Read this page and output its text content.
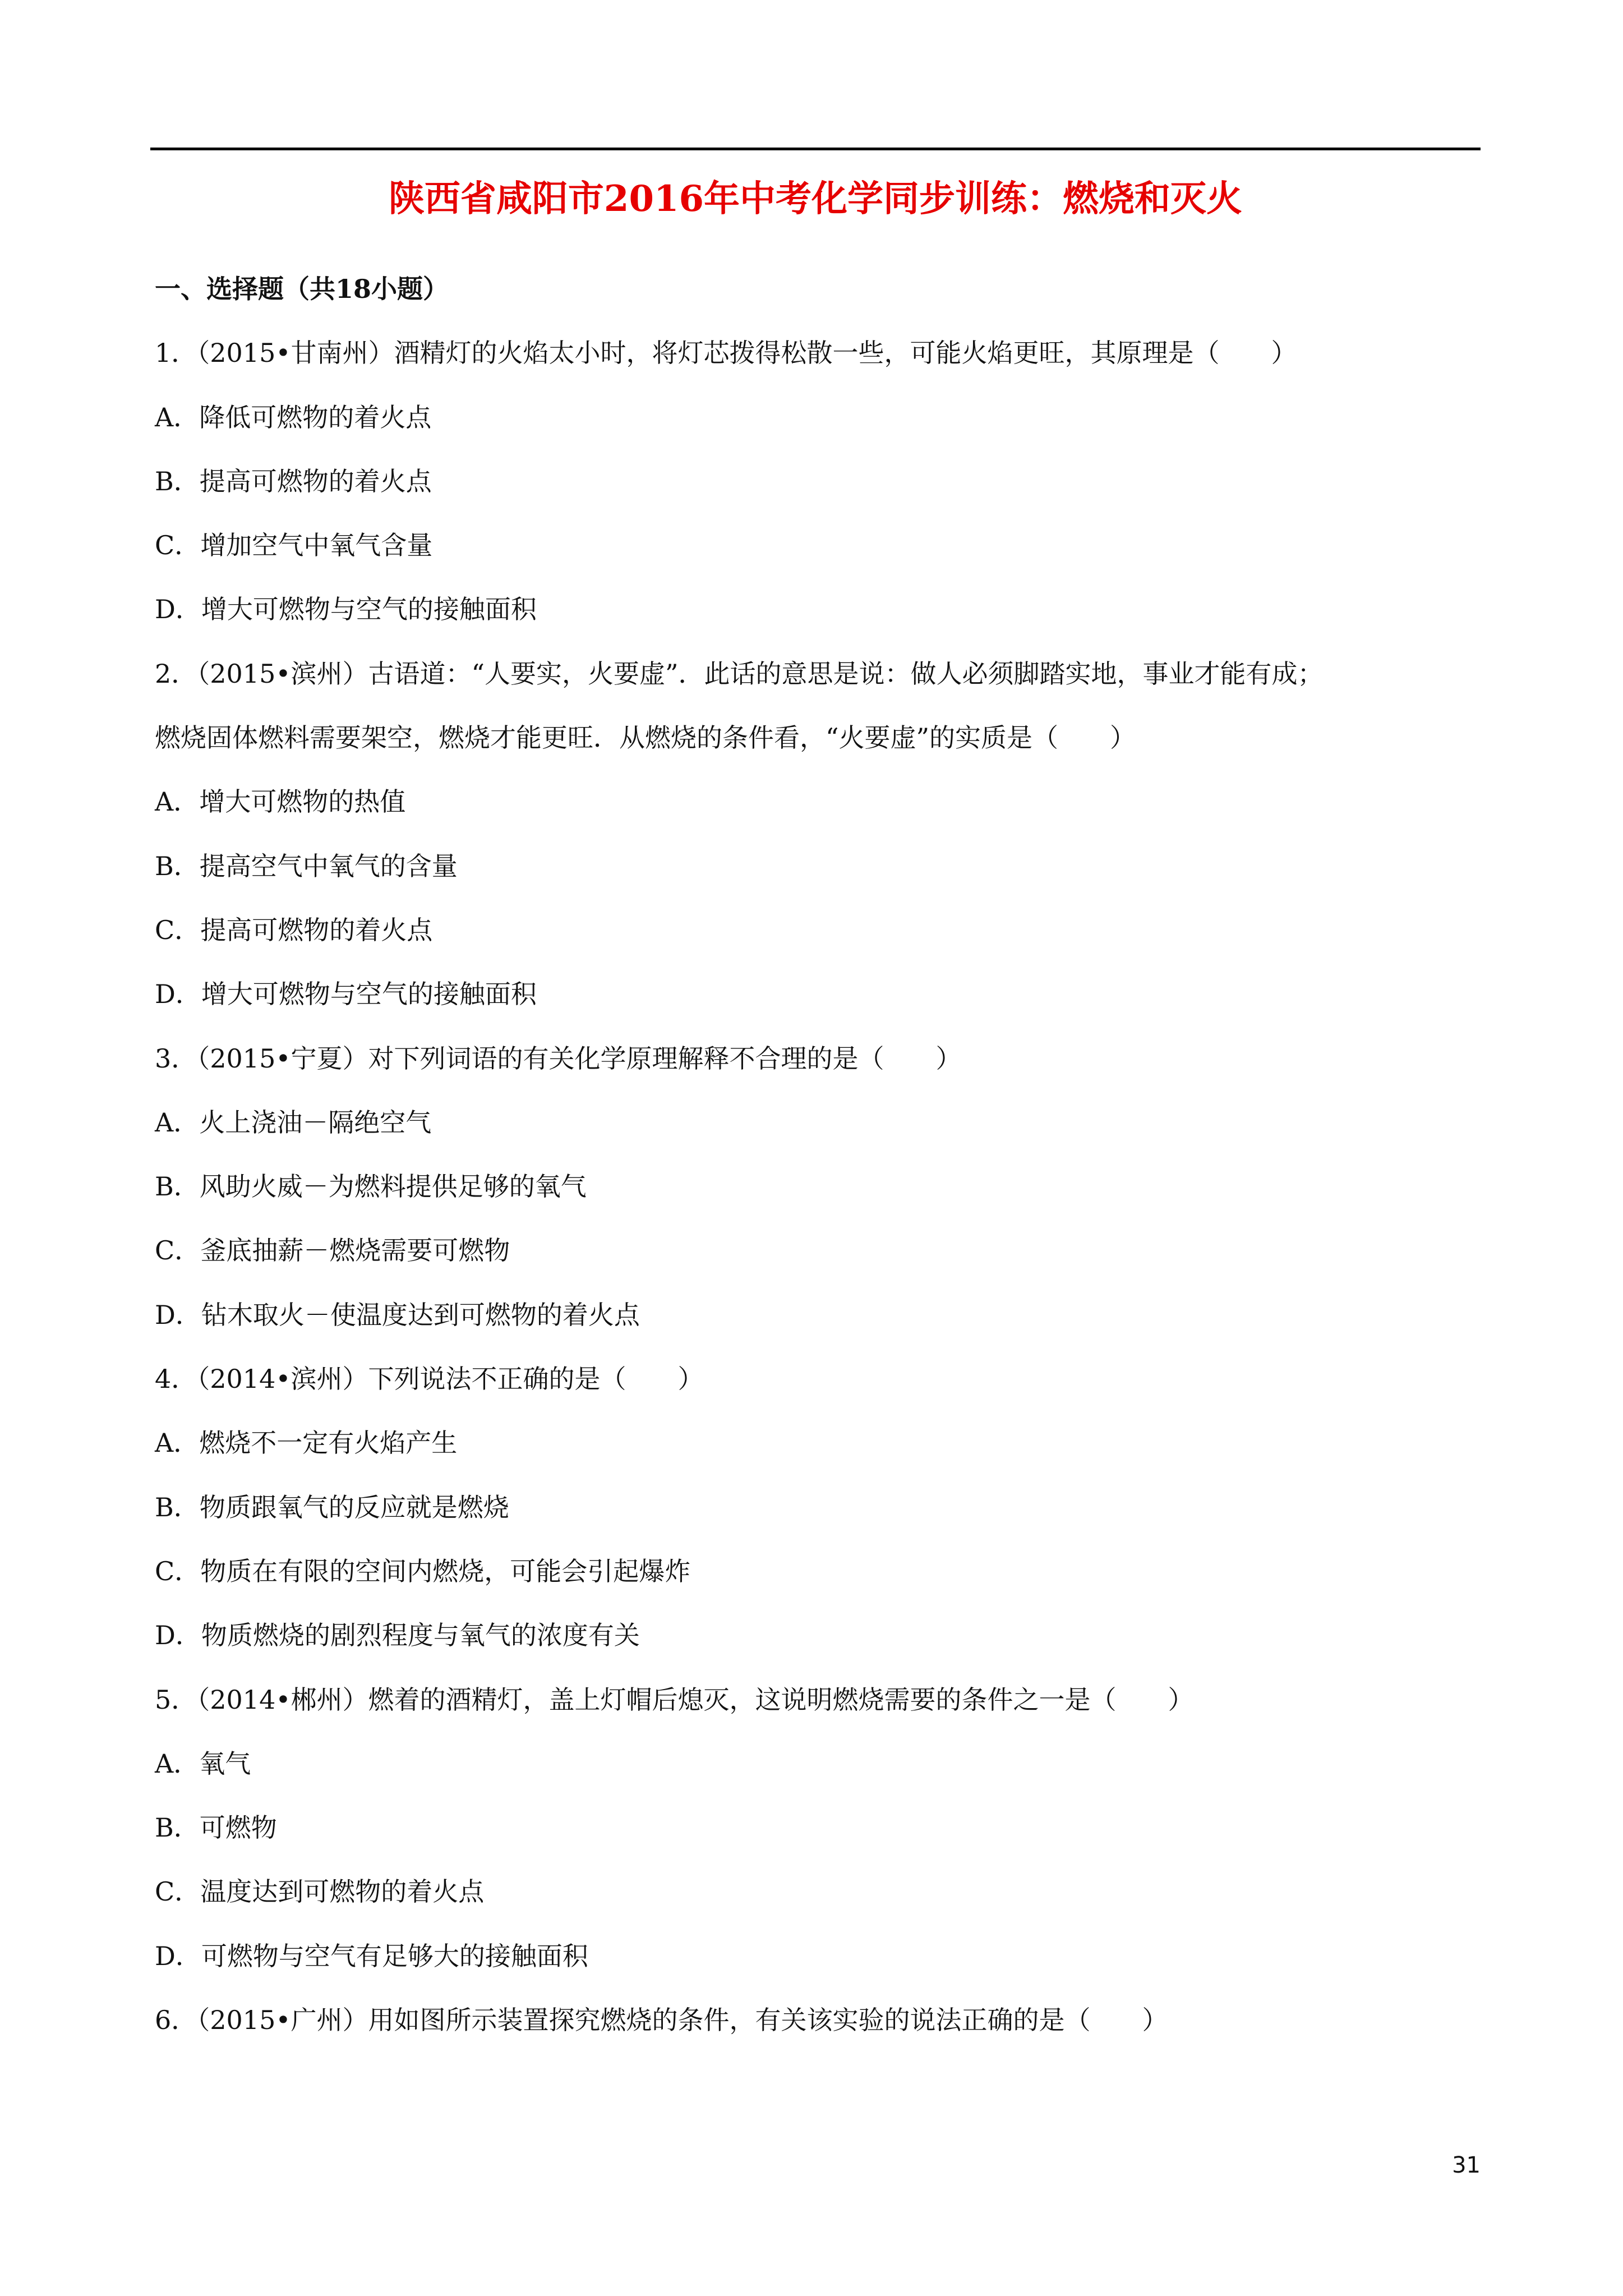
陕西省咸阳市2016年中考化学同步训练：燃烧和灭火
一、选择题（共18小题）
1．（2015•甘南州）酒精灯的火焰太小时，将灯芯拨得松散一些，可能火焰更旺，其原理是（　　）
A．降低可燃物的着火点
B．提高可燃物的着火点
C．增加空气中氧气含量
D．增大可燃物与空气的接触面积
2．（2015•滨州）古语道：“人要实，火要虚”．此话的意思是说：做人必须脚踏实地，事业才能有成；
燃烧固体燃料需要架空，燃烧才能更旺．从燃烧的条件看，“火要虚”的实质是（　　）
A．增大可燃物的热值
B．提高空气中氧气的含量
C．提高可燃物的着火点
D．增大可燃物与空气的接触面积
3．（2015•宁夏）对下列词语的有关化学原理解释不合理的是（　　）
A．火上浇油－隔绝空气
B．风助火威－为燃料提供足够的氧气
C．釜底抽薪－燃烧需要可燃物
D．钻木取火－使温度达到可燃物的着火点
4．（2014•滨州）下列说法不正确的是（　　）
A．燃烧不一定有火焰产生
B．物质跟氧气的反应就是燃烧
C．物质在有限的空间内燃烧，可能会引起爆炸
D．物质燃烧的剧烈程度与氧气的浓度有关
5．（2014•郴州）燃着的酒精灯，盖上灯帽后熄灭，这说明燃烧需要的条件之一是（　　）
A．氧气
B．可燃物
C．温度达到可燃物的着火点
D．可燃物与空气有足够大的接触面积
6．（2015•广州）用如图所示装置探究燃烧的条件，有关该实验的说法正确的是（　　）
31
